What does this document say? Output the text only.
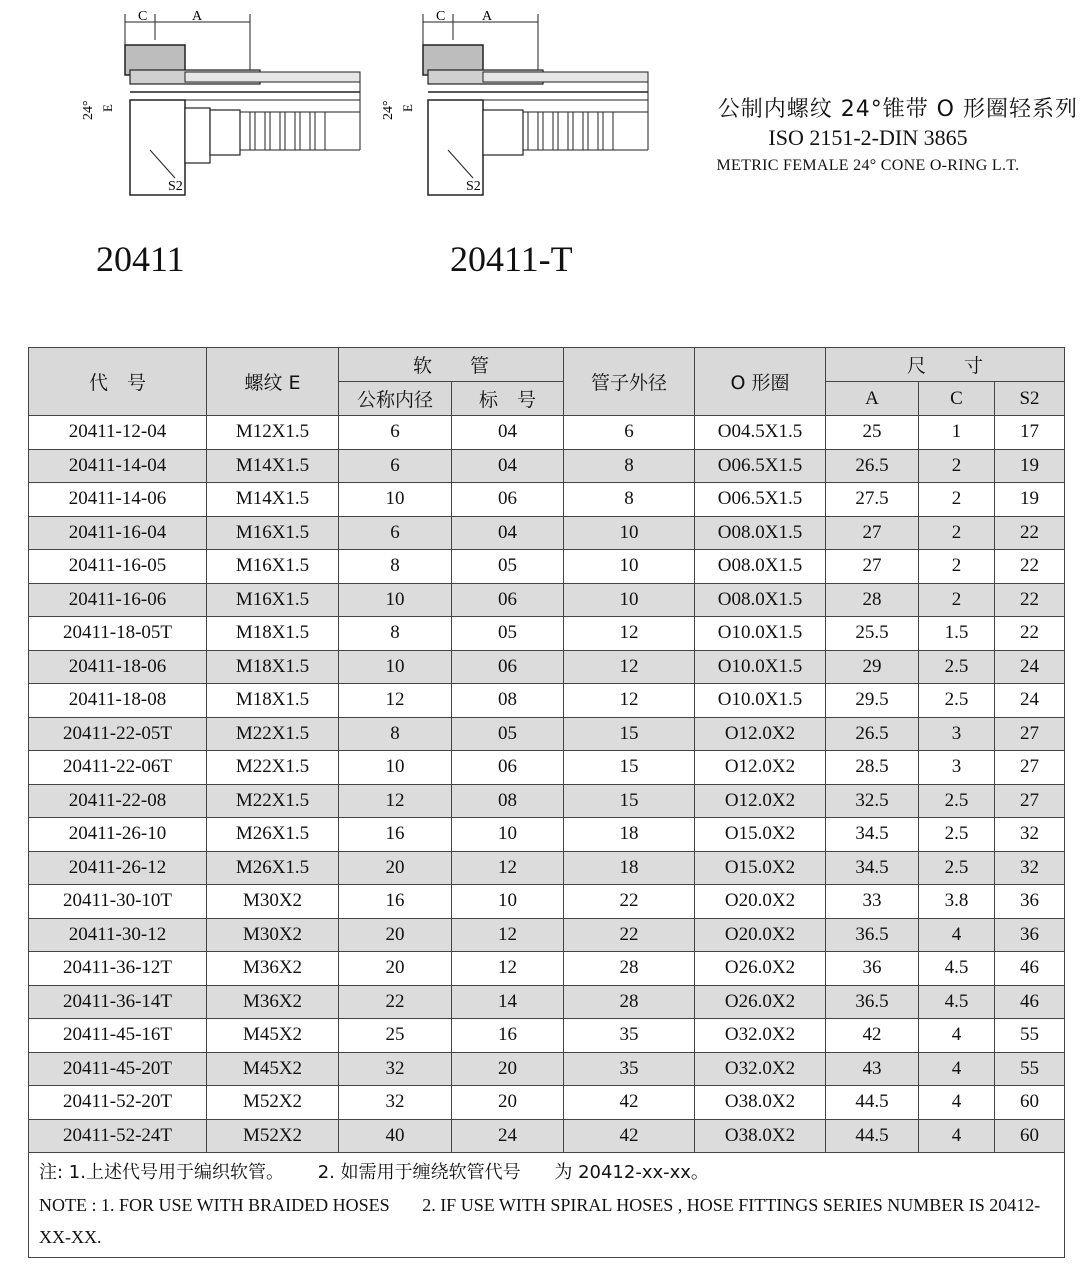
C	A
24° E
S2
C	A
24° E
S2
20411	20411-T
公制内螺纹 24°锥带 O 形圈轻系列
ISO 2151-2-DIN 3865
METRIC FEMALE 24° CONE O-RING L.T.
代　号	螺纹 E	软　　管		管子外径	O 形圈	尺　　寸		
		公称内径	标　号			A	C	S2
20411-12-04	M12X1.5	6	04	6	O04.5X1.5	25	1	17
20411-14-04	M14X1.5	6	04	8	O06.5X1.5	26.5	2	19
20411-14-06	M14X1.5	10	06	8	O06.5X1.5	27.5	2	19
20411-16-04	M16X1.5	6	04	10	O08.0X1.5	27	2	22
20411-16-05	M16X1.5	8	05	10	O08.0X1.5	27	2	22
20411-16-06	M16X1.5	10	06	10	O08.0X1.5	28	2	22
20411-18-05T	M18X1.5	8	05	12	O10.0X1.5	25.5	1.5	22
20411-18-06	M18X1.5	10	06	12	O10.0X1.5	29	2.5	24
20411-18-08	M18X1.5	12	08	12	O10.0X1.5	29.5	2.5	24
20411-22-05T	M22X1.5	8	05	15	O12.0X2	26.5	3	27
20411-22-06T	M22X1.5	10	06	15	O12.0X2	28.5	3	27
20411-22-08	M22X1.5	12	08	15	O12.0X2	32.5	2.5	27
20411-26-10	M26X1.5	16	10	18	O15.0X2	34.5	2.5	32
20411-26-12	M26X1.5	20	12	18	O15.0X2	34.5	2.5	32
20411-30-10T	M30X2	16	10	22	O20.0X2	33	3.8	36
20411-30-12	M30X2	20	12	22	O20.0X2	36.5	4	36
20411-36-12T	M36X2	20	12	28	O26.0X2	36	4.5	46
20411-36-14T	M36X2	22	14	28	O26.0X2	36.5	4.5	46
20411-45-16T	M45X2	25	16	35	O32.0X2	42	4	55
20411-45-20T	M45X2	32	20	35	O32.0X2	43	4	55
20411-52-20T	M52X2	32	20	42	O38.0X2	44.5	4	60
20411-52-24T	M52X2	40	24	42	O38.0X2	44.5	4	60

注: 1.上述代号用于编织软管。 2. 如需用于缠绕软管代号 为 20412-xx-xx。
NOTE : 1. FOR USE WITH BRAIDED HOSES 2. IF USE WITH SPIRAL HOSES , HOSE FITTINGS SERIES NUMBER IS 20412-XX-XX.								
